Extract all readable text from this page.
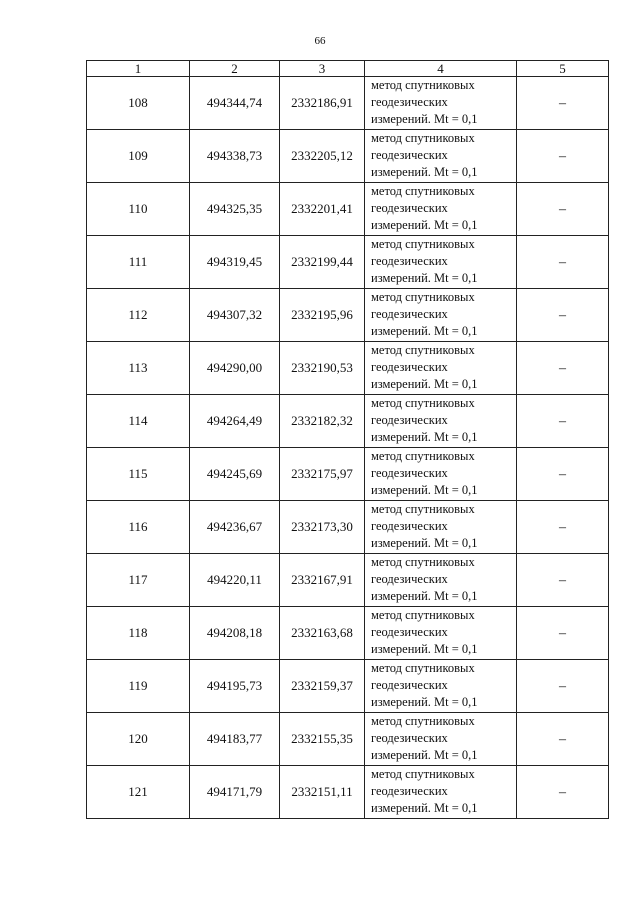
66
1	2	3	4	5
108	494344,74	2332186,91	метод спутниковых
геодезических
измерений. Mt = 0,1	–
109	494338,73	2332205,12	метод спутниковых
геодезических
измерений. Mt = 0,1	–
110	494325,35	2332201,41	метод спутниковых
геодезических
измерений. Mt = 0,1	–
111	494319,45	2332199,44	метод спутниковых
геодезических
измерений. Mt = 0,1	–
112	494307,32	2332195,96	метод спутниковых
геодезических
измерений. Mt = 0,1	–
113	494290,00	2332190,53	метод спутниковых
геодезических
измерений. Mt = 0,1	–
114	494264,49	2332182,32	метод спутниковых
геодезических
измерений. Mt = 0,1	–
115	494245,69	2332175,97	метод спутниковых
геодезических
измерений. Mt = 0,1	–
116	494236,67	2332173,30	метод спутниковых
геодезических
измерений. Mt = 0,1	–
117	494220,11	2332167,91	метод спутниковых
геодезических
измерений. Mt = 0,1	–
118	494208,18	2332163,68	метод спутниковых
геодезических
измерений. Mt = 0,1	–
119	494195,73	2332159,37	метод спутниковых
геодезических
измерений. Mt = 0,1	–
120	494183,77	2332155,35	метод спутниковых
геодезических
измерений. Mt = 0,1	–
121	494171,79	2332151,11	метод спутниковых
геодезических
измерений. Mt = 0,1	–
